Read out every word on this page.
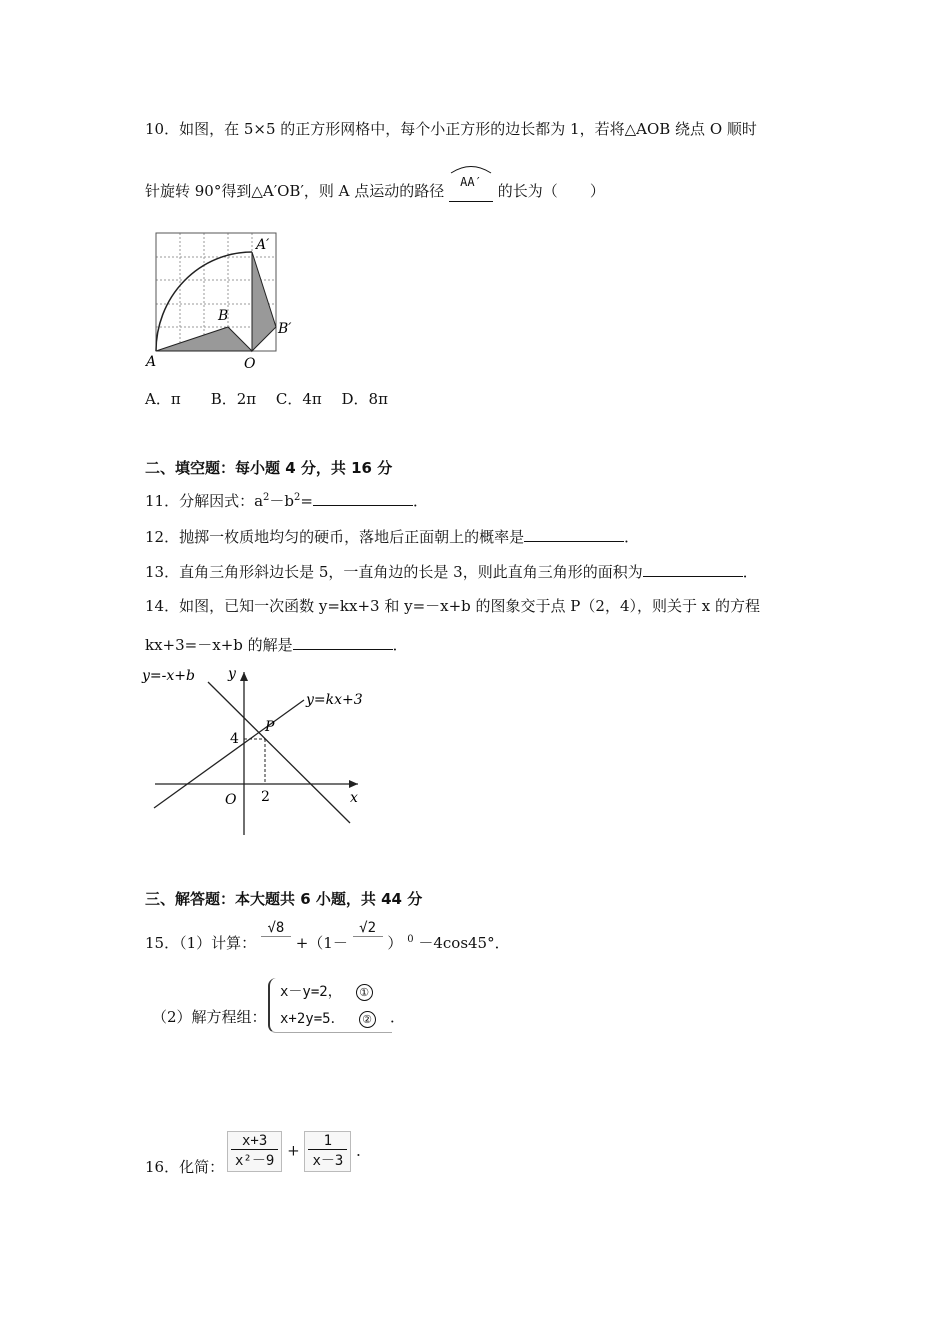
10．如图，在 5×5 的正方形网格中，每个小正方形的边长都为 1，若将△AOB 绕点 O 顺时
针旋转 90°得到△A′OB′，则 A 点运动的路径 $^{AA'}$ 的长为（ ）
A
B
O
A′
B′
A．π　　B．2π　 C．4π　 D．8π
二、填空题：每小题 4 分，共 16 分
11．分解因式：$a^2-b^2=$	．
12．抛掷一枚质地均匀的硬币，落地后正面朝上的概率是	．
13．直角三角形斜边长是 5，一直角边的长是 3，则此直角三角形的面积为	．
14．如图，已知一次函数 y=kx+3 和 y=－x+b 的图象交于点 P（2，4），则关于 x 的方程
kx+3=－x+b 的解是	．
y=-x+b
y=kx+3
y
x
O
P
4
2
三、解答题：本大题共 6 小题，共 44 分
15．（1）计算： √8 +（1－ √2 ） $_0$ －4cos45°．
（2）解方程组：
x－y=2， ①
x+2y=5． ② ．
16．化简： $\frac{x+3}{\text{x²－9}} + \frac{1}{x-3}$ ．
